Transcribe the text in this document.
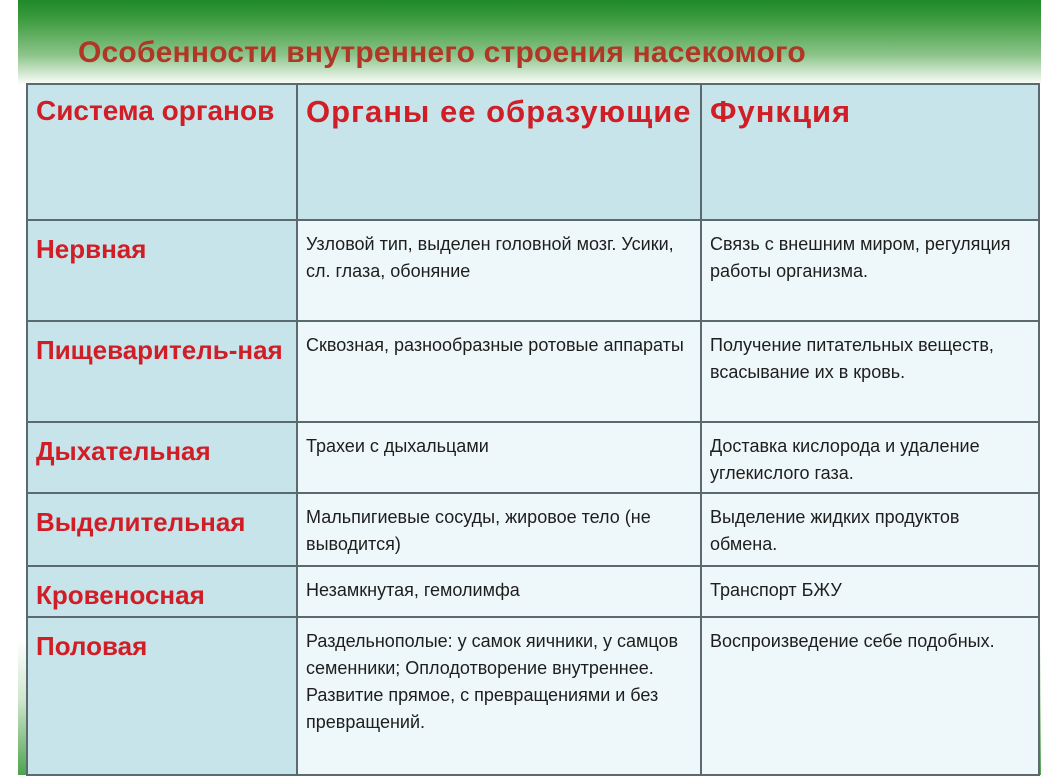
Особенности внутреннего строения насекомого
Система органов	Органы ее образующие	Функция

Нервная	Узловой тип, выделен головной мозг. Усики, сл. глаза, обоняние	Связь с внешним миром, регуляция работы организма.

Пищеваритель-ная	Сквозная, разнообразные ротовые аппараты	Получение питательных веществ, всасывание их в кровь.

Дыхательная	Трахеи с дыхальцами	Доставка кислорода и удаление углекислого газа.

Выделительная	Мальпигиевые сосуды, жировое тело (не выводится)	Выделение жидких продуктов обмена.

Кровеносная	Незамкнутая, гемолимфа	Транспорт БЖУ

Половая	Раздельнополые: у самок яичники, у самцов семенники; Оплодотворение внутреннее. Развитие прямое, с превращениями и без превращений.	Воспроизведение себе подобных.
